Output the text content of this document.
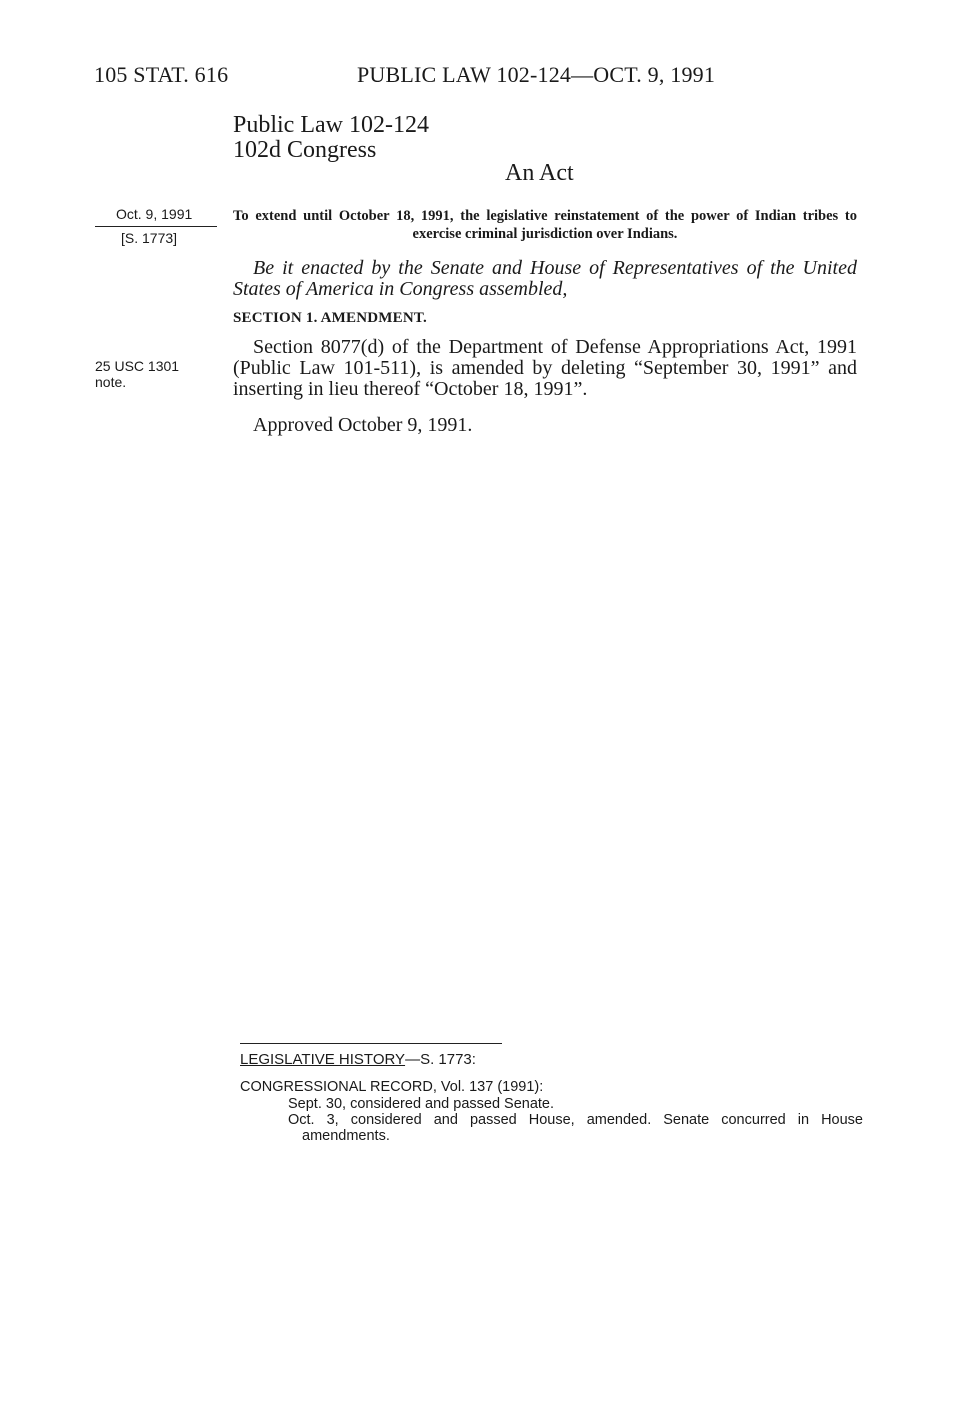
105 STAT. 616	PUBLIC LAW 102-124—OCT. 9, 1991
Public Law 102-124
102d Congress
An Act
Oct. 9, 1991
[S. 1773]
25 USC 1301
note.
To extend until October 18, 1991, the legislative reinstatement of the power of Indian tribes to exercise criminal jurisdiction over Indians.
Be it enacted by the Senate and House of Representatives of the United States of America in Congress assembled,
SECTION 1. AMENDMENT.
Section 8077(d) of the Department of Defense Appropriations Act, 1991 (Public Law 101-511), is amended by deleting “September 30, 1991” and inserting in lieu thereof “October 18, 1991”.
Approved October 9, 1991.
LEGISLATIVE HISTORY—S. 1773:
CONGRESSIONAL RECORD, Vol. 137 (1991):
Sept. 30, considered and passed Senate.
Oct. 3, considered and passed House, amended. Senate concurred in House amendments.
